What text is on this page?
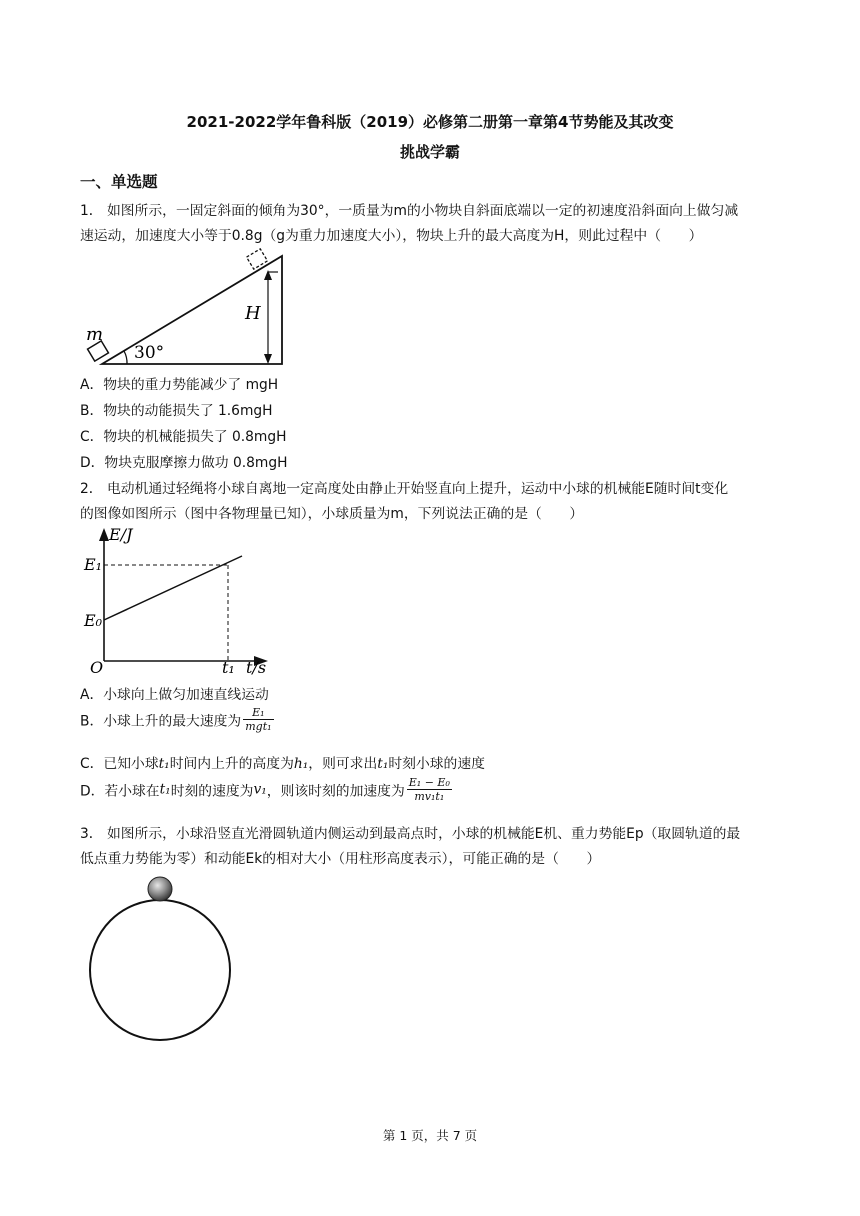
2021-2022学年鲁科版（2019）必修第二册第一章第4节势能及其改变
挑战学霸
一、单选题
1． 如图所示，一固定斜面的倾角为30°，一质量为m的小物块自斜面底端以一定的初速度沿斜面向上做匀减
速运动，加速度大小等于0.8g（g为重力加速度大小），物块上升的最大高度为H，则此过程中（　　）
m
30°
H
A．物块的重力势能减少了 mgH
B．物块的动能损失了 1.6mgH
C．物块的机械能损失了 0.8mgH
D．物块克服摩擦力做功 0.8mgH
2． 电动机通过轻绳将小球自离地一定高度处由静止开始竖直向上提升，运动中小球的机械能E随时间t变化
的图像如图所示（图中各物理量已知），小球质量为m，下列说法正确的是（　　）
E/J
E₁
E₀
O	t₁ t/s
A．小球向上做匀加速直线运动
B．小球上升的最大速度为 $\frac{\text{E₁}}{\text{mgt₁}}$
C．已知小球t₁时间内上升的高度为h₁，则可求出t₁时刻小球的速度
D．若小球在t₁时刻的速度为v₁，则该时刻的加速度为 $\frac{\text{E₁ − E₀}}{\text{mv₁t₁}}$
3． 如图所示，小球沿竖直光滑圆轨道内侧运动到最高点时，小球的机械能E机、重力势能Ep（取圆轨道的最
低点重力势能为零）和动能Ek的相对大小（用柱形高度表示），可能正确的是（　　）
第 1 页，共 7 页
